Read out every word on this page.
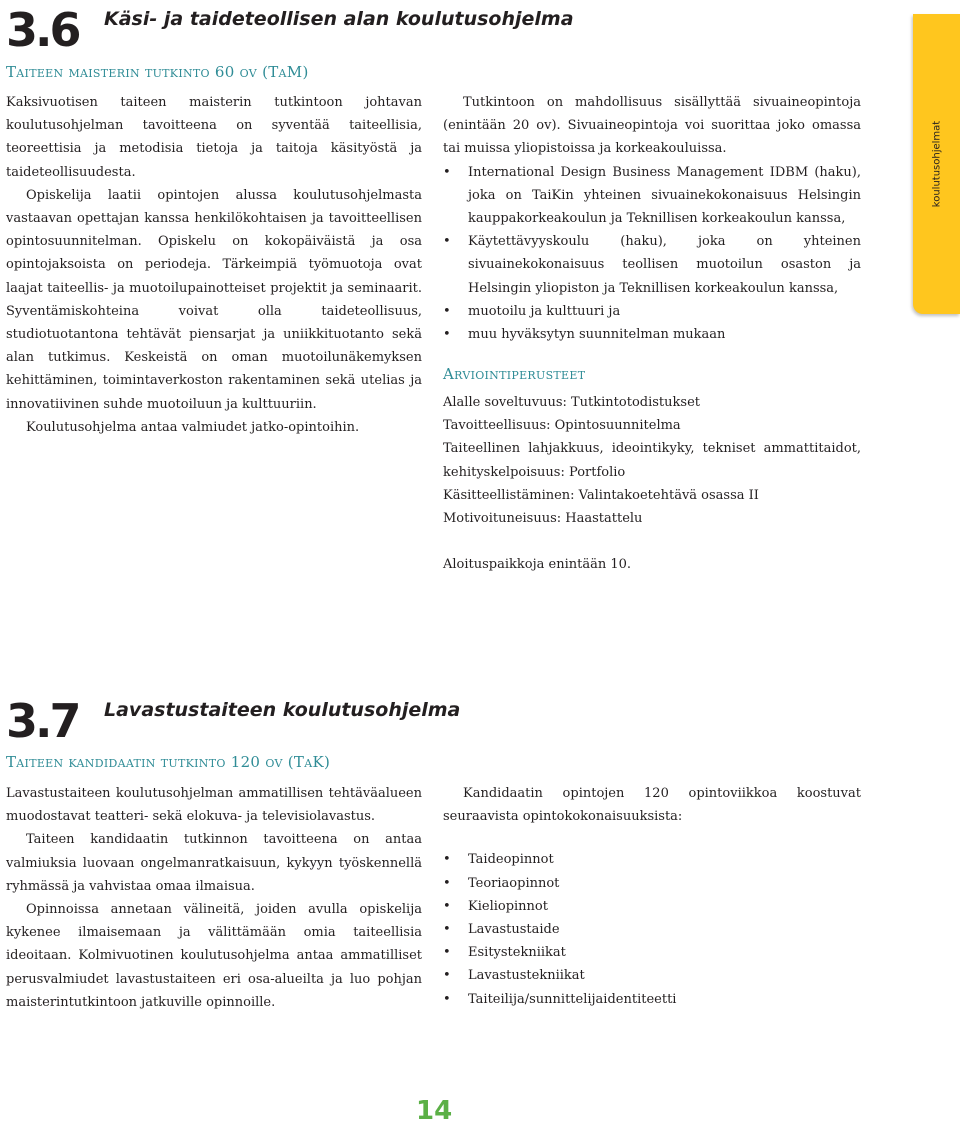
3.6 Käsi- ja taideteollisen alan koulutusohjelma
Taiteen maisterin tutkinto 60 ov (TaM)

Kaksivuotisen taiteen maisterin tutkintoon johtavan koulutusohjelman tavoitteena on syventää taiteellisia, teoreettisia ja metodisia tietoja ja taitoja käsityöstä ja taideteollisuudesta.

Opiskelija laatii opintojen alussa koulutusohjelmasta vastaavan opettajan kanssa henkilökohtaisen ja tavoitteellisen opintosuunnitelman. Opiskelu on kokopäiväistä ja osa opintojaksoista on periodeja. Tärkeimpiä työmuotoja ovat laajat taiteellis- ja muotoilupainotteiset projektit ja seminaarit. Syventämiskohteina voivat olla taideteollisuus, studiotuotantona tehtävät piensarjat ja uniikkituotanto sekä alan tutkimus. Keskeistä on oman muotoilunäkemyksen kehittäminen, toimintaverkoston rakentaminen sekä utelias ja innovatiivinen suhde muotoiluun ja kulttuuriin.

Koulutusohjelma antaa valmiudet jatko-opintoihin.

Tutkintoon on mahdollisuus sisällyttää sivuaineopintoja (enintään 20 ov). Sivuaineopintoja voi suorittaa joko omassa tai muissa yliopistoissa ja korkeakouluissa.

• International Design Business Management IDBM (haku), joka on TaiKin yhteinen sivuainekokonaisuus Helsingin kauppakorkeakoulun ja Teknillisen korkeakoulun kanssa,
• Käytettävyyskoulu (haku), joka on yhteinen sivuainekokonaisuus teollisen muotoilun osaston ja Helsingin yliopiston ja Teknillisen korkeakoulun kanssa,
• muotoilu ja kulttuuri ja
• muu hyväksytyn suunnitelman mukaan
Arviointiperusteet

Alalle soveltuvuus: Tutkintotodistukset

Tavoitteellisuus: Opintosuunnitelma

Taiteellinen lahjakkuus, ideointikyky, tekniset ammattitaidot, kehityskelpoisuus: Portfolio

Käsitteellistäminen: Valintakoetehtävä osassa II

Motivoituneisuus: Haastattelu

Aloituspaikkoja enintään 10.
3.7 Lavastustaiteen koulutusohjelma
Taiteen kandidaatin tutkinto 120 ov (TaK)

Lavastustaiteen koulutusohjelman ammatillisen tehtäväalueen muodostavat teatteri- sekä elokuva- ja televisiolavastus.

Taiteen kandidaatin tutkinnon tavoitteena on antaa valmiuksia luovaan ongelmanratkaisuun, kykyyn työskennellä ryhmässä ja vahvistaa omaa ilmaisua.

Opinnoissa annetaan välineitä, joiden avulla opiskelija kykenee ilmaisemaan ja välittämään omia taiteellisia ideoitaan. Kolmivuotinen koulutusohjelma antaa ammatilliset perusvalmiudet lavastustaiteen eri osa-alueilta ja luo pohjan maisterintutkintoon jatkuville opinnoille.

Kandidaatin opintojen 120 opintoviikkoa koostuvat seuraavista opintokokonaisuuksista:

• Taideopinnot
• Teoriaopinnot
• Kieliopinnot
• Lavastustaide
• Esitystekniikat
• Lavastustekniikat
• Taiteilija/sunnittelijaidentiteetti
koulutusohjelmat
14
